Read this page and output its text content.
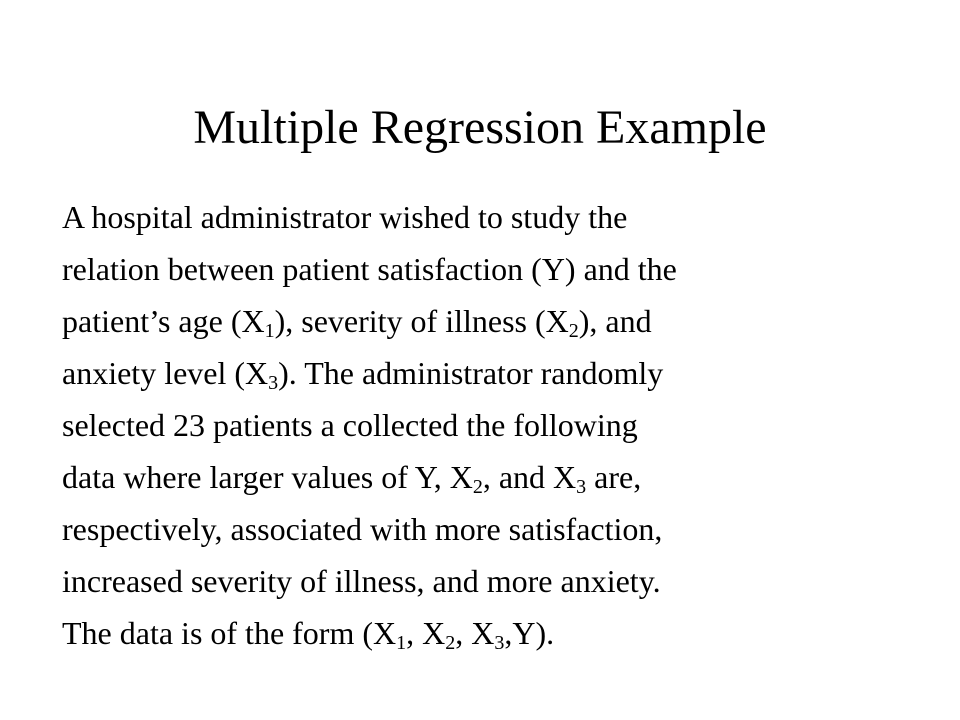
Multiple Regression Example
A hospital administrator wished to study the
relation between patient satisfaction (Y) and the
patient’s age $(X_1)$, severity of illness $(X_2)$, and
anxiety level $(X_3)$. The administrator randomly
selected 23 patients a collected the following
data where larger values of Y, $X_2$, and $X_3$ are,
respectively, associated with more satisfaction,
increased severity of illness, and more anxiety.
The data is of the form ($X_1$, $X_2$, $X_3,Y$).
